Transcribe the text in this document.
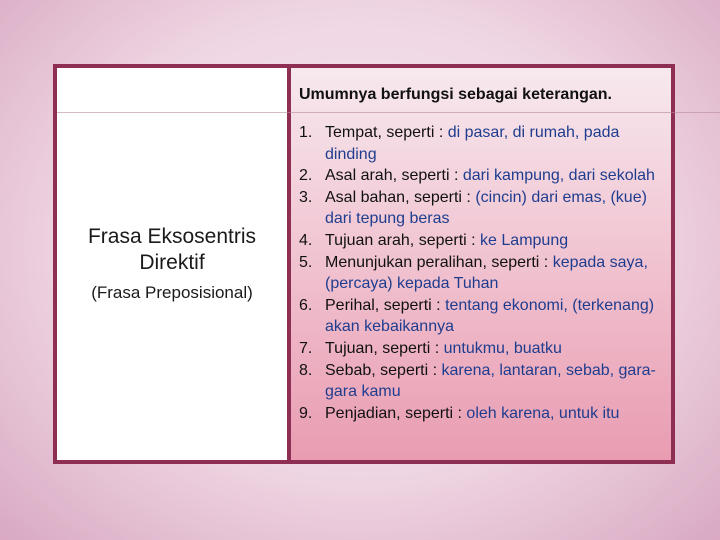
Frasa Eksosentris
Direktif
(Frasa Preposisional)
Umumnya berfungsi sebagai keterangan.
1. Tempat, seperti : di pasar, di rumah, pada dinding
2. Asal arah, seperti : dari kampung, dari sekolah
3. Asal bahan, seperti : (cincin) dari emas, (kue) dari tepung beras
4. Tujuan arah, seperti : ke Lampung
5. Menunjukan peralihan, seperti : kepada saya, (percaya) kepada Tuhan
6. Perihal, seperti : tentang ekonomi, (terkenang) akan kebaikannya
7. Tujuan, seperti : untukmu, buatku
8. Sebab, seperti : karena, lantaran, sebab, gara-gara kamu
9. Penjadian, seperti : oleh karena, untuk itu
